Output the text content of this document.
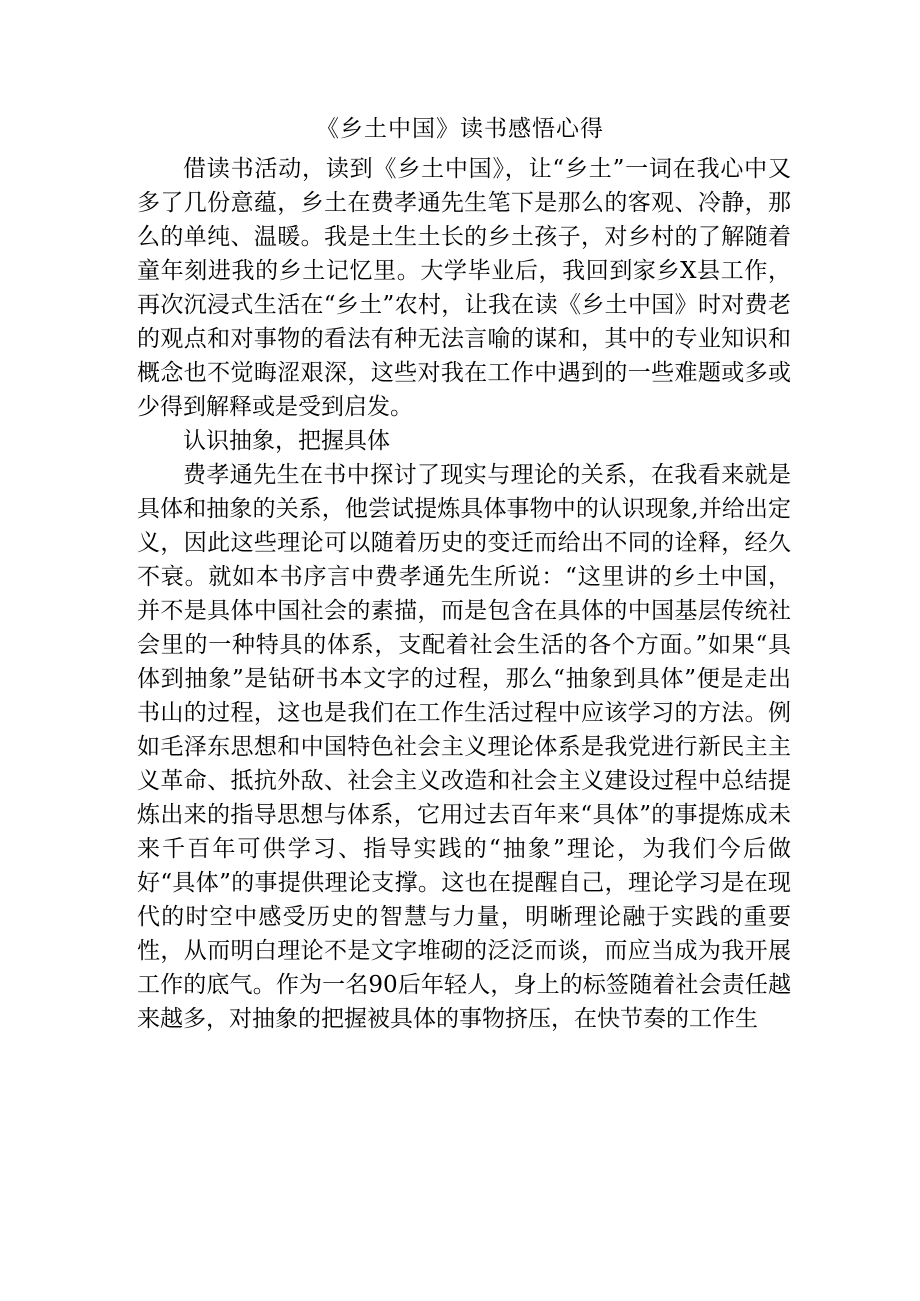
《乡土中国》读书感悟心得

借读书活动，读到《乡土中国》，让“乡土”一词在我心中又多了几份意蕴，乡土在费孝通先生笔下是那么的客观、冷静，那么的单纯、温暖。我是土生土长的乡土孩子，对乡村的了解随着童年刻进我的乡土记忆里。大学毕业后，我回到家乡X县工作，再次沉浸式生活在“乡土”农村，让我在读《乡土中国》时对费老的观点和对事物的看法有种无法言喻的谋和，其中的专业知识和概念也不觉晦涩艰深，这些对我在工作中遇到的一些难题或多或少得到解释或是受到启发。

认识抽象，把握具体

费孝通先生在书中探讨了现实与理论的关系，在我看来就是具体和抽象的关系，他尝试提炼具体事物中的认识现象,并给出定义，因此这些理论可以随着历史的变迁而给出不同的诠释，经久不衰。就如本书序言中费孝通先生所说：“这里讲的乡土中国，并不是具体中国社会的素描，而是包含在具体的中国基层传统社会里的一种特具的体系，支配着社会生活的各个方面。”如果“具体到抽象”是钻研书本文字的过程，那么“抽象到具体”便是走出书山的过程，这也是我们在工作生活过程中应该学习的方法。例如毛泽东思想和中国特色社会主义理论体系是我党进行新民主主义革命、抵抗外敌、社会主义改造和社会主义建设过程中总结提炼出来的指导思想与体系，它用过去百年来“具体”的事提炼成未来千百年可供学习、指导实践的“抽象”理论，为我们今后做好“具体”的事提供理论支撑。这也在提醒自己，理论学习是在现代的时空中感受历史的智慧与力量，明晰理论融于实践的重要性，从而明白理论不是文字堆砌的泛泛而谈，而应当成为我开展工作的底气。作为一名90后年轻人，身上的标签随着社会责任越来越多，对抽象的把握被具体的事物挤压，在快节奏的工作生
